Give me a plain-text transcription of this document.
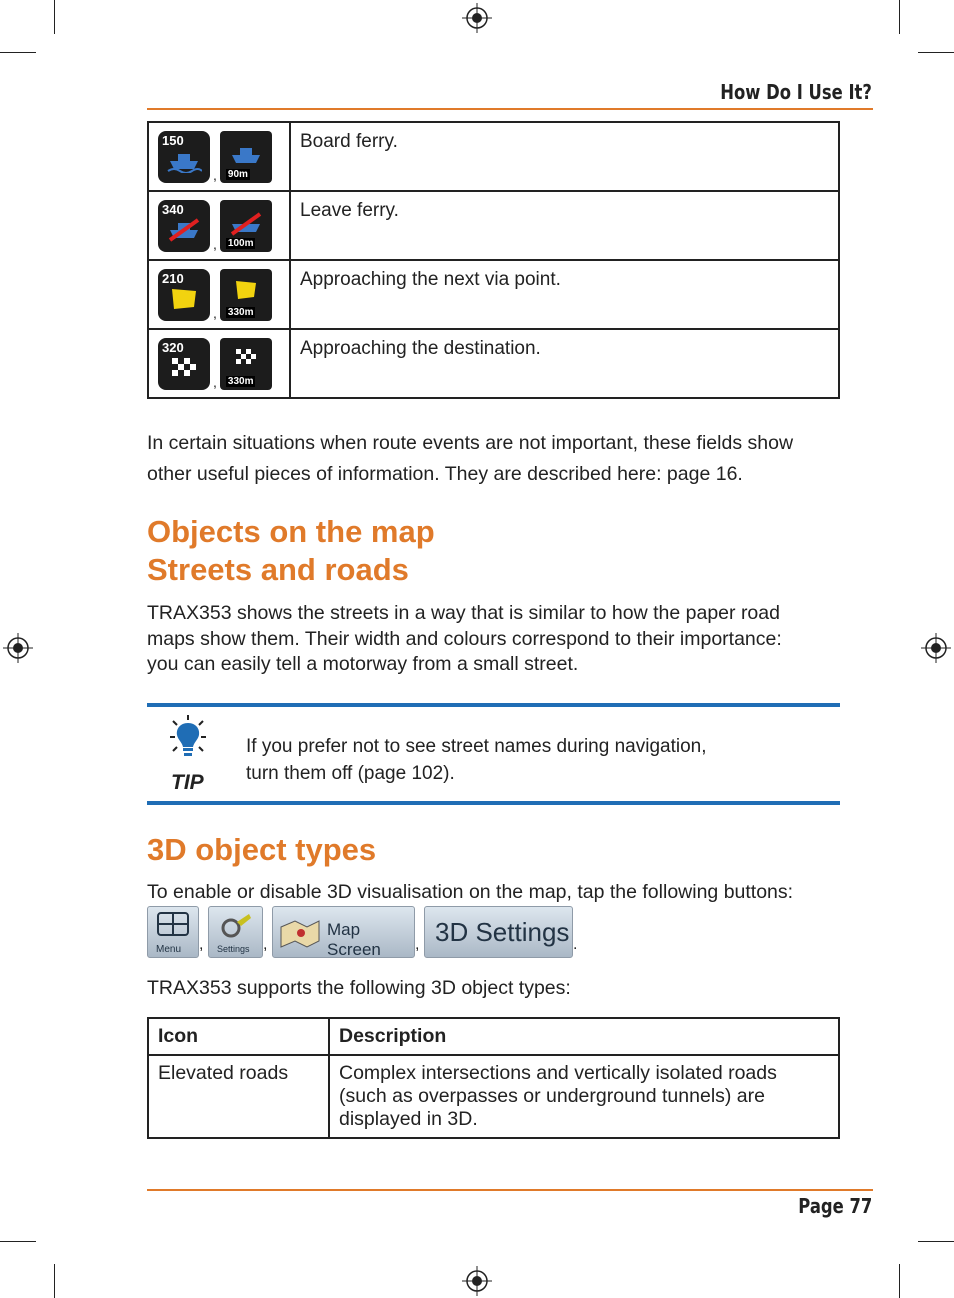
How Do I Use It?
150
, 90m	Board ferry.

340
, 100m	Leave ferry.

210
, 330m	Approaching the next via point.

320
, 330m	Approaching the destination.
In certain situations when route events are not important, these fields show
other useful pieces of information. They are described here: page 16.
Objects on the map
Streets and roads
TRAX353 shows the streets in a way that is similar to how the paper road
maps show them. Their width and colours correspond to their importance:
you can easily tell a motorway from a small street.
TIP
If you prefer not to see street names during navigation,
turn them off (page 102).
3D object types
To enable or disable 3D visualisation on the map, tap the following buttons:
Menu , Settings ,
Map Screen	, 3D Settings .
TRAX353 supports the following 3D object types:
Icon	Description
Elevated roads	Complex intersections and vertically isolated roads
(such as overpasses or underground tunnels) are
displayed in 3D.
Page 77
